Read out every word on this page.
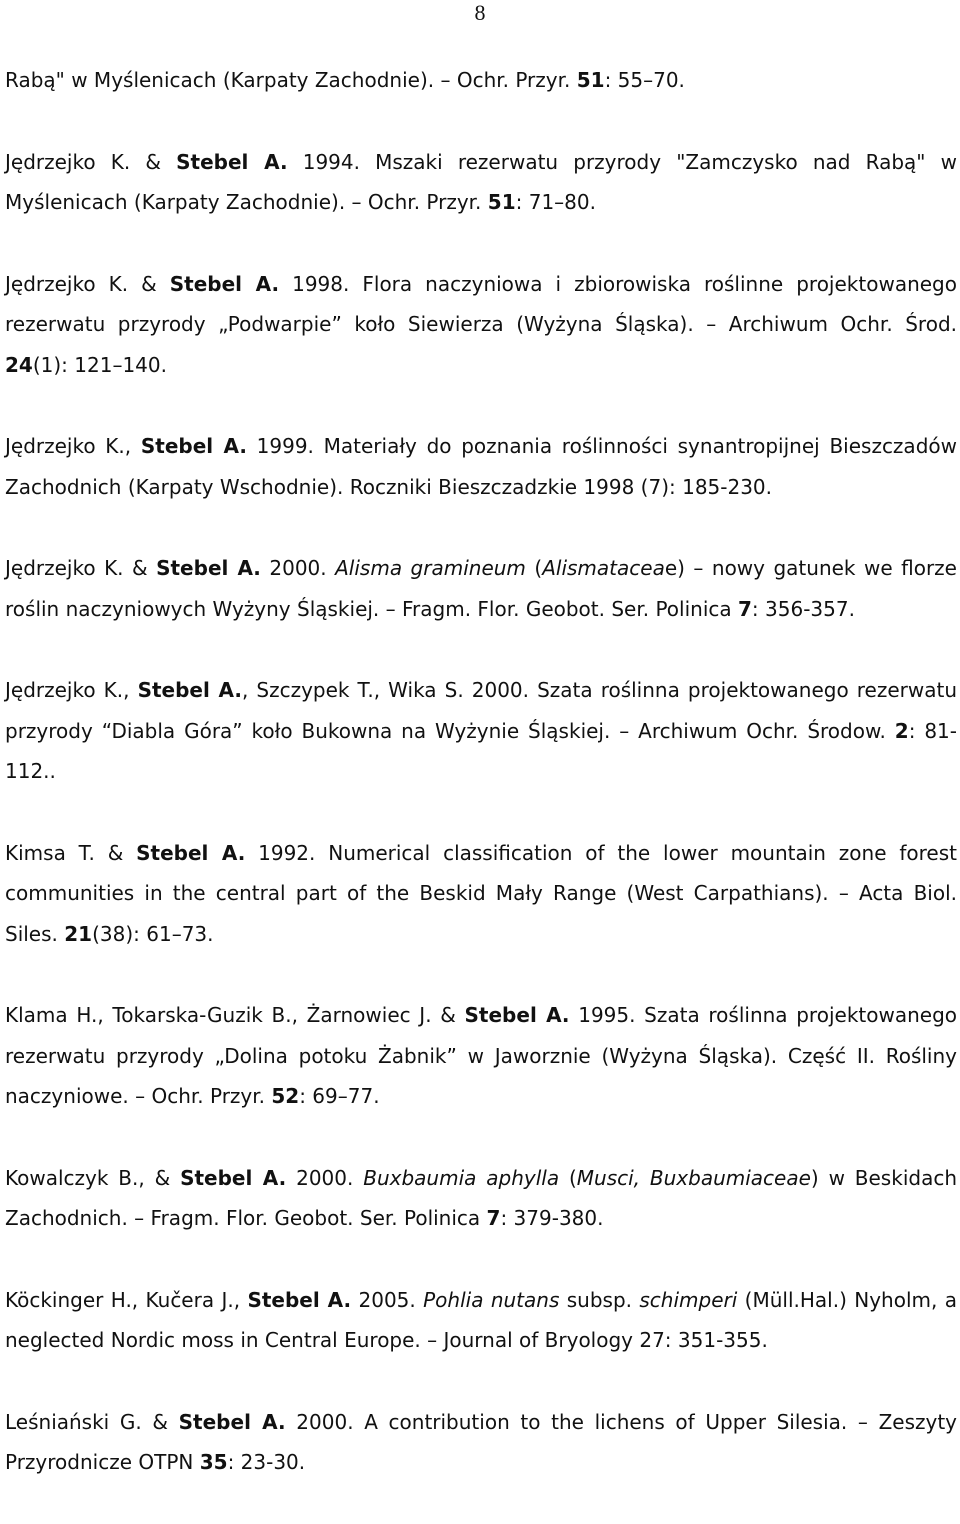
8

Rabą" w Myślenicach (Karpaty Zachodnie). – Ochr. Przyr. 51: 55–70.

Jędrzejko K. & Stebel A. 1994. Mszaki rezerwatu przyrody "Zamczysko nad Rabą" w Myślenicach (Karpaty Zachodnie). – Ochr. Przyr. 51: 71–80.

Jędrzejko K. & Stebel A. 1998. Flora naczyniowa i zbiorowiska roślinne projektowanego rezerwatu przyrody „Podwarpie” koło Siewierza (Wyżyna Śląska). – Archiwum Ochr. Środ. 24(1): 121–140.

Jędrzejko K., Stebel A. 1999. Materiały do poznania roślinności synantropijnej Bieszczadów Zachodnich (Karpaty Wschodnie). Roczniki Bieszczadzkie 1998 (7): 185-230.

Jędrzejko K. & Stebel A. 2000. Alisma gramineum (Alismataceae) – nowy gatunek we florze roślin naczyniowych Wyżyny Śląskiej. – Fragm. Flor. Geobot. Ser. Polinica 7: 356-357.

Jędrzejko K., Stebel A., Szczypek T., Wika S. 2000. Szata roślinna projektowanego rezerwatu przyrody “Diabla Góra” koło Bukowna na Wyżynie Śląskiej. – Archiwum Ochr. Środow. 2: 81-112..

Kimsa T. & Stebel A. 1992. Numerical classification of the lower mountain zone forest communities in the central part of the Beskid Mały Range (West Carpathians). – Acta Biol. Siles. 21(38): 61–73.

Klama H., Tokarska-Guzik B., Żarnowiec J. & Stebel A. 1995. Szata roślinna projektowanego rezerwatu przyrody „Dolina potoku Żabnik” w Jaworznie (Wyżyna Śląska). Część II. Rośliny naczyniowe. – Ochr. Przyr. 52: 69–77.

Kowalczyk B., & Stebel A. 2000. Buxbaumia aphylla (Musci, Buxbaumiaceae) w Beskidach Zachodnich. – Fragm. Flor. Geobot. Ser. Polinica 7: 379-380.

Köckinger H., Kučera J., Stebel A. 2005. Pohlia nutans subsp. schimperi (Müll.Hal.) Nyholm, a neglected Nordic moss in Central Europe. – Journal of Bryology 27: 351-355.

Leśniański G. & Stebel A. 2000. A contribution to the lichens of Upper Silesia. – Zeszyty Przyrodnicze OTPN 35: 23-30.
